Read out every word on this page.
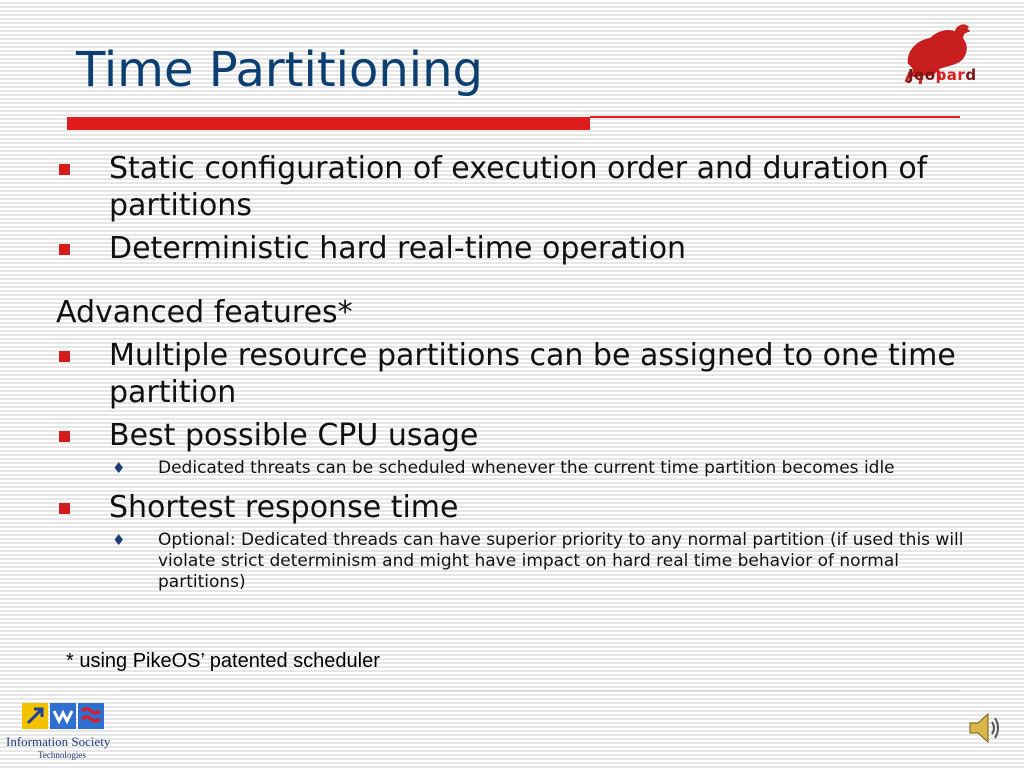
Time Partitioning	Jeopard
Static configuration of execution order and duration of partitions
Deterministic hard real-time operation
Advanced features*
Multiple resource partitions can be assigned to one time partition
Best possible CPU usage
♦ Dedicated threats can be scheduled whenever the current time partition becomes idle
Shortest response time
♦ Optional: Dedicated threads can have superior priority to any normal partition (if used this will violate strict determinism and might have impact on hard real time behavior of normal partitions)
* using PikeOS’ patented scheduler
Information Society
Technologies
